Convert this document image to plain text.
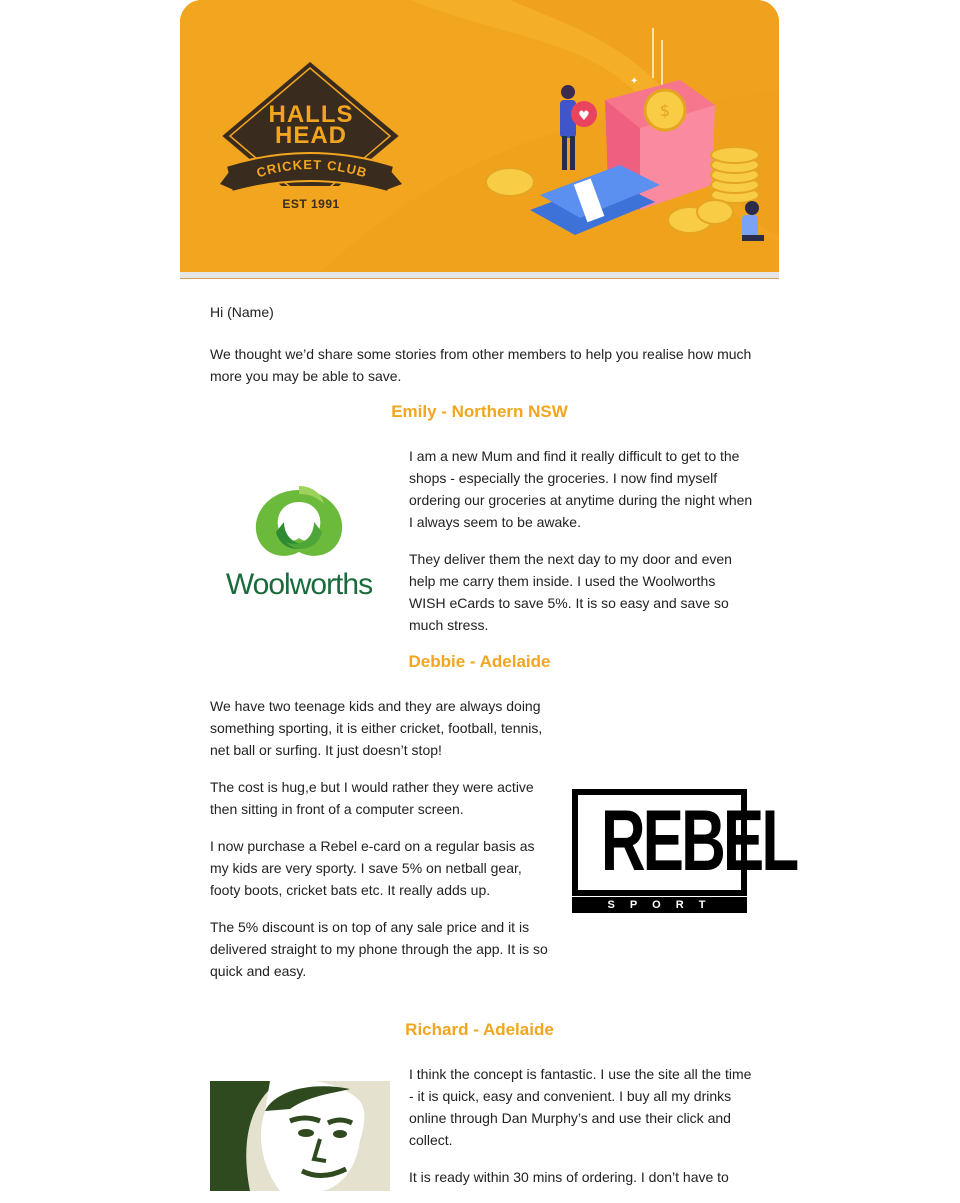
HALLS
HEAD
CRICKET CLUB
EST 1991
$
♥
✦

Hi (Name)

We thought we’d share some stories from other members to help you realise how much more you may be able to save.

Emily - Northern NSW
Woolworths

I am a new Mum and find it really difficult to get to the shops - especially the groceries. I now find myself ordering our groceries at anytime during the night when I always seem to be awake.

They deliver them the next day to my door and even help me carry them inside. I used the Woolworths WISH eCards to save 5%. It is so easy and save so much stress.

Debbie - Adelaide

We have two teenage kids and they are always doing something sporting, it is either cricket, football, tennis, net ball or surfing. It just doesn’t stop!

The cost is hug,e but I would rather they were active then sitting in front of a computer screen.

I now purchase a Rebel e-card on a regular basis as my kids are very sporty. I save 5% on netball gear, footy boots, cricket bats etc. It really adds up.

The 5% discount is on top of any sale price and it is delivered straight to my phone through the app. It is so quick and easy.

REBEL
S P O R T
Richard - Adelaide

I think the concept is fantastic. I use the site all the time - it is quick, easy and convenient. I buy all my drinks online through Dan Murphy’s and use their click and collect.

It is ready within 30 mins of ordering. I don’t have to
